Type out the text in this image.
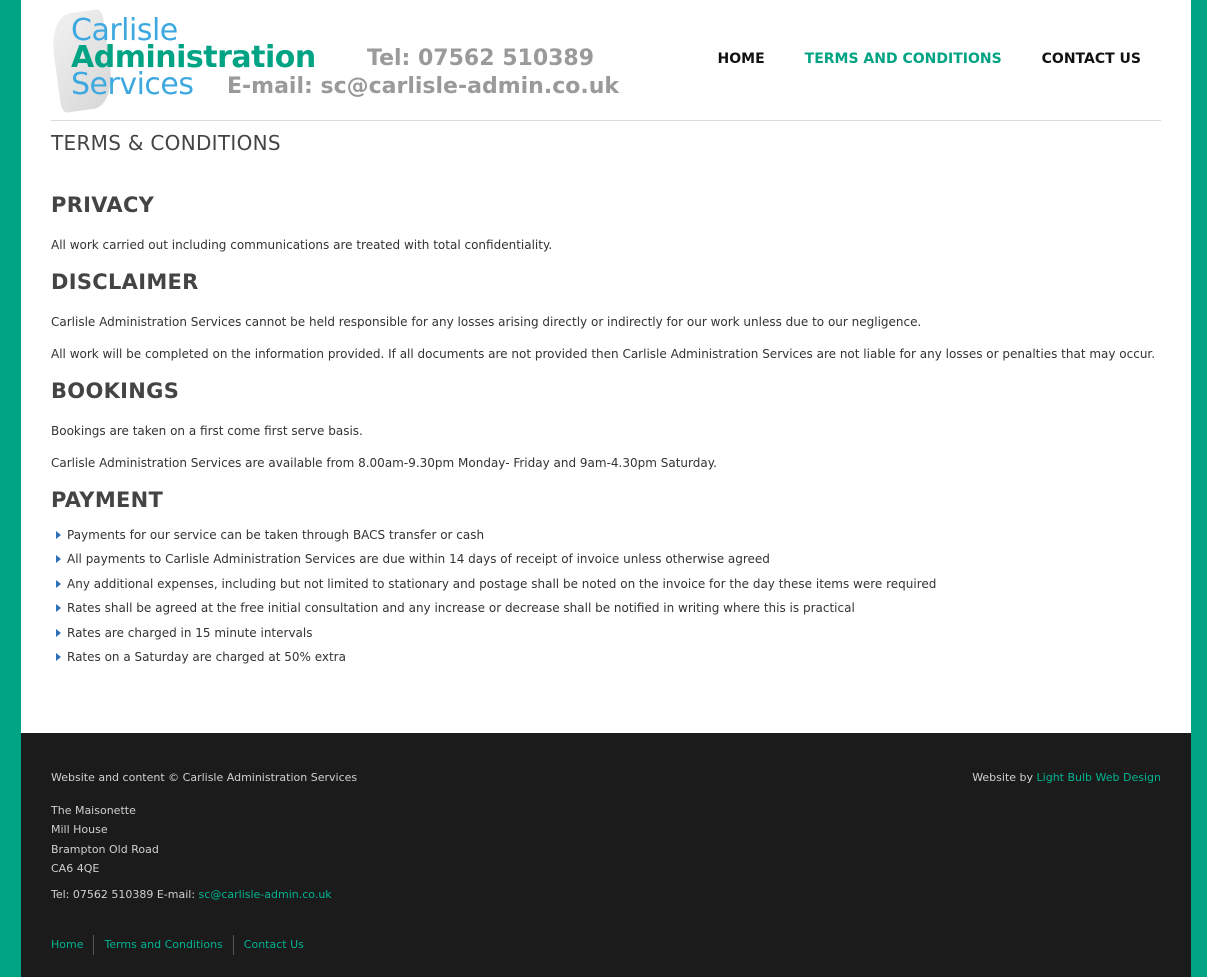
Carlisle
Administration
Services
Tel: 07562 510389
E-mail: sc@carlisle-admin.co.uk
HOME	TERMS AND CONDITIONS	CONTACT US
TERMS & CONDITIONS
PRIVACY

All work carried out including communications are treated with total confidentiality.

DISCLAIMER

Carlisle Administration Services cannot be held responsible for any losses arising directly or indirectly for our work unless due to our negligence.

All work will be completed on the information provided. If all documents are not provided then Carlisle Administration Services are not liable for any losses or penalties that may occur.

BOOKINGS

Bookings are taken on a first come first serve basis.

Carlisle Administration Services are available from 8.00am-9.30pm Monday- Friday and 9am-4.30pm Saturday.

PAYMENT
Payments for our service can be taken through BACS transfer or cash
All payments to Carlisle Administration Services are due within 14 days of receipt of invoice unless otherwise agreed
Any additional expenses, including but not limited to stationary and postage shall be noted on the invoice for the day these items were required
Rates shall be agreed at the free initial consultation and any increase or decrease shall be notified in writing where this is practical
Rates are charged in 15 minute intervals
Rates on a Saturday are charged at 50% extra
Website and content © Carlisle Administration Services	Website by Light Bulb Web Design
The Maisonette
Mill House
Brampton Old Road
CA6 4QE
Tel: 07562 510389 E-mail: sc@carlisle-admin.co.uk
Home	Terms and Conditions	Contact Us
